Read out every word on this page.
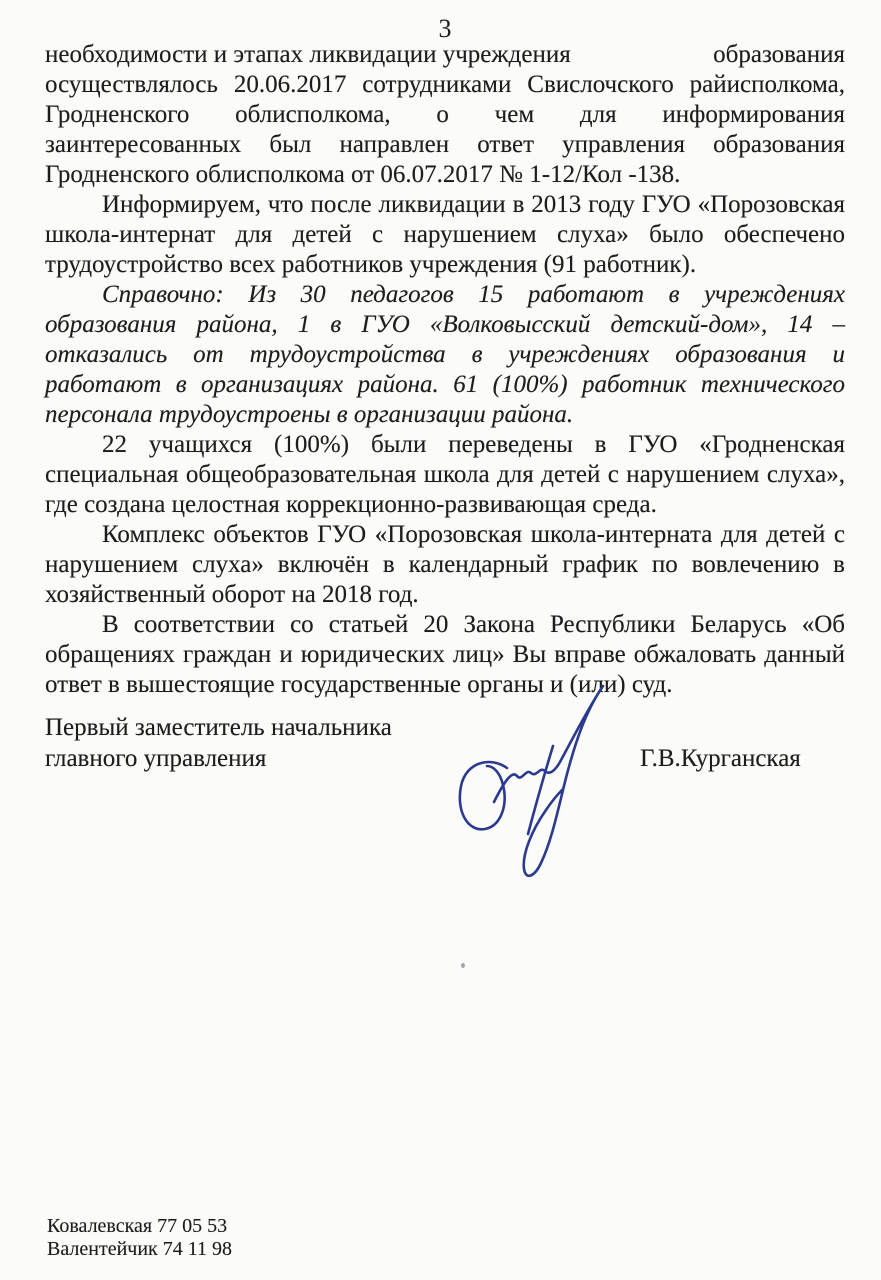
3

необходимости и этапах ликвидации учреждения	образования
осуществлялось 20.06.2017 сотрудниками Свислочского райисполкома, Гродненского облисполкома, о чем для информирования заинтересованных был направлен ответ управления образования Гродненского облисполкома от 06.07.2017 № 1-12/Кол -138.

Информируем, что после ликвидации в 2013 году ГУО «Порозовская школа-интернат для детей с нарушением слуха» было обеспечено трудоустройство всех работников учреждения (91 работник).

Справочно: Из 30 педагогов 15 работают в учреждениях образования района, 1 в ГУО «Волковысский детский-дом», 14 – отказались от трудоустройства в учреждениях образования и работают в организациях района. 61 (100%) работник технического персонала трудоустроены в организации района.

22 учащихся (100%) были переведены в ГУО «Гродненская специальная общеобразовательная школа для детей с нарушением слуха», где создана целостная коррекционно-развивающая среда.

Комплекс объектов ГУО «Порозовская школа-интерната для детей с нарушением слуха» включён в календарный график по вовлечению в хозяйственный оборот на 2018 год.

В соответствии со статьей 20 Закона Республики Беларусь «Об обращениях граждан и юридических лиц» Вы вправе обжаловать данный ответ в вышестоящие государственные органы и (или) суд.

Первый заместитель начальника
главного управления	Г.В.Курганская
Ковалевская 77 05 53
Валентейчик 74 11 98
